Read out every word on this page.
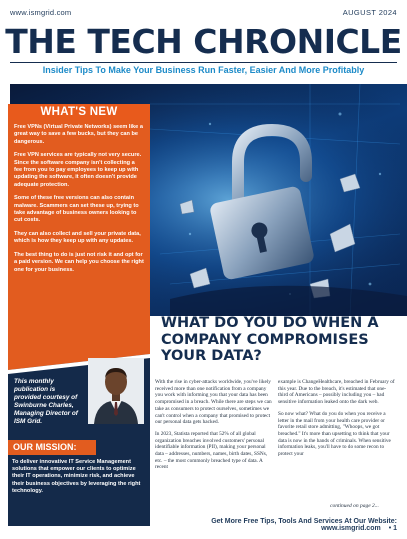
www.ismgrid.com	AUGUST 2024
THE TECH CHRONICLE
Insider Tips To Make Your Business Run Faster, Easier And More Profitably
WHAT'S NEW

Free VPNs (Virtual Private Networks) seem like a great way to save a few bucks, but they can be dangerous.

Free VPN services are typically not very secure. Since the software company isn't collecting a fee from you to pay employees to keep up with updating the software, it often doesn't provide adequate protection.

Some of these free versions can also contain malware. Scammers can set these up, trying to take advantage of business owners looking to cut costs.

They can also collect and sell your private data, which is how they keep up with any updates.

The best thing to do is just not risk it and opt for a paid version. We can help you choose the right one for your business.

This monthly publication is provided courtesy of Swinburne Charles, Managing Director of ISM Grid.
OUR MISSION:
To deliver innovative IT Service Management solutions that empower our clients to optimize their IT operations, minimize risk, and achieve their business objectives by leveraging the right technology.
WHAT DO YOU DO WHEN A COMPANY COMPROMISES YOUR DATA?

With the rise in cyber-attacks worldwide, you've likely received more than one notification from a company you work with informing you that your data has been compromised in a breach. While there are steps we can take as consumers to protect ourselves, sometimes we can't control when a company that promised to protect our personal data gets hacked.

In 2023, Statista reported that 52% of all global organization breaches involved customers' personal identifiable information (PII), making your personal data – addresses, numbers, names, birth dates, SSNs, etc. – the most commonly breached type of data. A recent

example is ChangeHealthcare, breached in February of this year. Due to the breach, it's estimated that one-third of Americans – possibly including you – had sensitive information leaked onto the dark web.

So now what? What do you do when you receive a letter in the mail from your health care provider or favorite retail store admitting, "Whoops, we got breached." It's more than upsetting to think that your data is now in the hands of criminals. When sensitive information leaks, you'll have to do some recon to protect your

continued on page 2...
Get More Free Tips, Tools And Services At Our Website: www.ismgrid.com • 1
